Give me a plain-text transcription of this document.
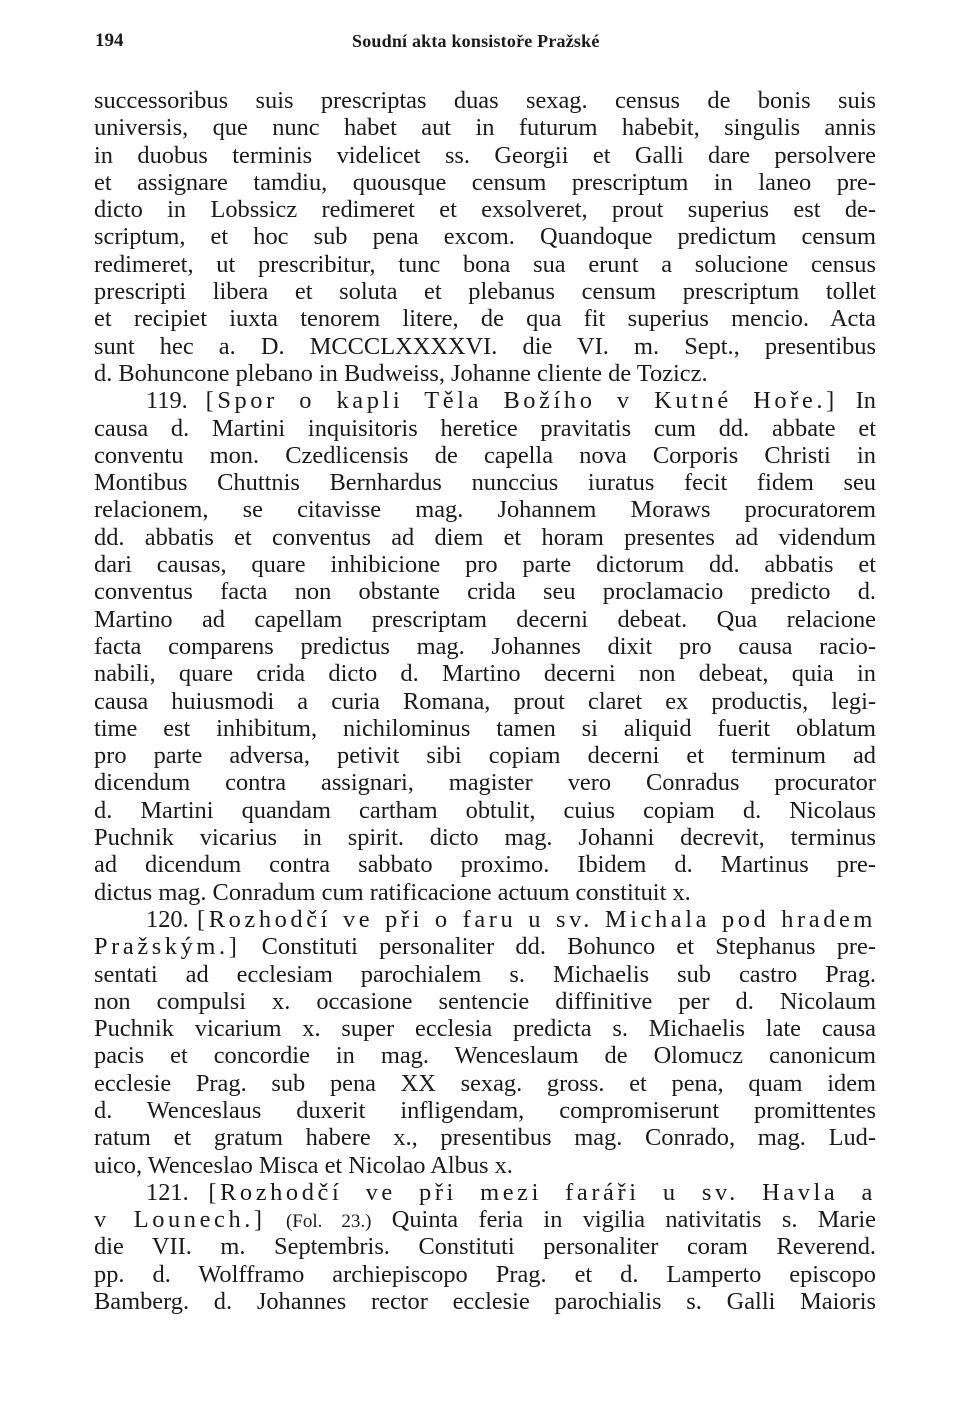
194	Soudní akta konsistoře Pražské
successoribus suis prescriptas duas sexag. census de bonis suis
universis, que nunc habet aut in futurum habebit, singulis annis
in duobus terminis videlicet ss. Georgii et Galli dare persolvere
et assignare tamdiu, quousque censum prescriptum in laneo pre-
dicto in Lobssicz redimeret et exsolveret, prout superius est de-
scriptum, et hoc sub pena excom. Quandoque predictum censum
redimeret, ut prescribitur, tunc bona sua erunt a solucione census
prescripti libera et soluta et plebanus censum prescriptum tollet
et recipiet iuxta tenorem litere, de qua fit superius mencio. Acta
sunt hec a. D. MCCCLXXXXVI. die VI. m. Sept., presentibus
d. Bohuncone plebano in Budweiss, Johanne cliente de Tozicz.
119. [Spor o kapli Těla Božího v Kutné Hoře.] In
causa d. Martini inquisitoris heretice pravitatis cum dd. abbate et
conventu mon. Czedlicensis de capella nova Corporis Christi in
Montibus Chuttnis Bernhardus nunccius iuratus fecit fidem seu
relacionem, se citavisse mag. Johannem Moraws procuratorem
dd. abbatis et conventus ad diem et horam presentes ad videndum
dari causas, quare inhibicione pro parte dictorum dd. abbatis et
conventus facta non obstante crida seu proclamacio predicto d.
Martino ad capellam prescriptam decerni debeat. Qua relacione
facta comparens predictus mag. Johannes dixit pro causa racio-
nabili, quare crida dicto d. Martino decerni non debeat, quia in
causa huiusmodi a curia Romana, prout claret ex productis, legi-
time est inhibitum, nichilominus tamen si aliquid fuerit oblatum
pro parte adversa, petivit sibi copiam decerni et terminum ad
dicendum contra assignari, magister vero Conradus procurator
d. Martini quandam cartham obtulit, cuius copiam d. Nicolaus
Puchnik vicarius in spirit. dicto mag. Johanni decrevit, terminus
ad dicendum contra sabbato proximo. Ibidem d. Martinus pre-
dictus mag. Conradum cum ratificacione actuum constituit x.
120. [Rozhodčí ve při o faru u sv. Michala pod hradem
Pražským.] Constituti personaliter dd. Bohunco et Stephanus pre-
sentati ad ecclesiam parochialem s. Michaelis sub castro Prag.
non compulsi x. occasione sentencie diffinitive per d. Nicolaum
Puchnik vicarium x. super ecclesia predicta s. Michaelis late causa
pacis et concordie in mag. Wenceslaum de Olomucz canonicum
ecclesie Prag. sub pena XX sexag. gross. et pena, quam idem
d. Wenceslaus duxerit infligendam, compromiserunt promittentes
ratum et gratum habere x., presentibus mag. Conrado, mag. Lud-
uico, Wenceslao Misca et Nicolao Albus x.
121. [Rozhodčí ve při mezi faráři u sv. Havla a
v Lounech.] (Fol. 23.) Quinta feria in vigilia nativitatis s. Marie
die VII. m. Septembris. Constituti personaliter coram Reverend.
pp. d. Wolfframo archiepiscopo Prag. et d. Lamperto episcopo
Bamberg. d. Johannes rector ecclesie parochialis s. Galli Maioris
